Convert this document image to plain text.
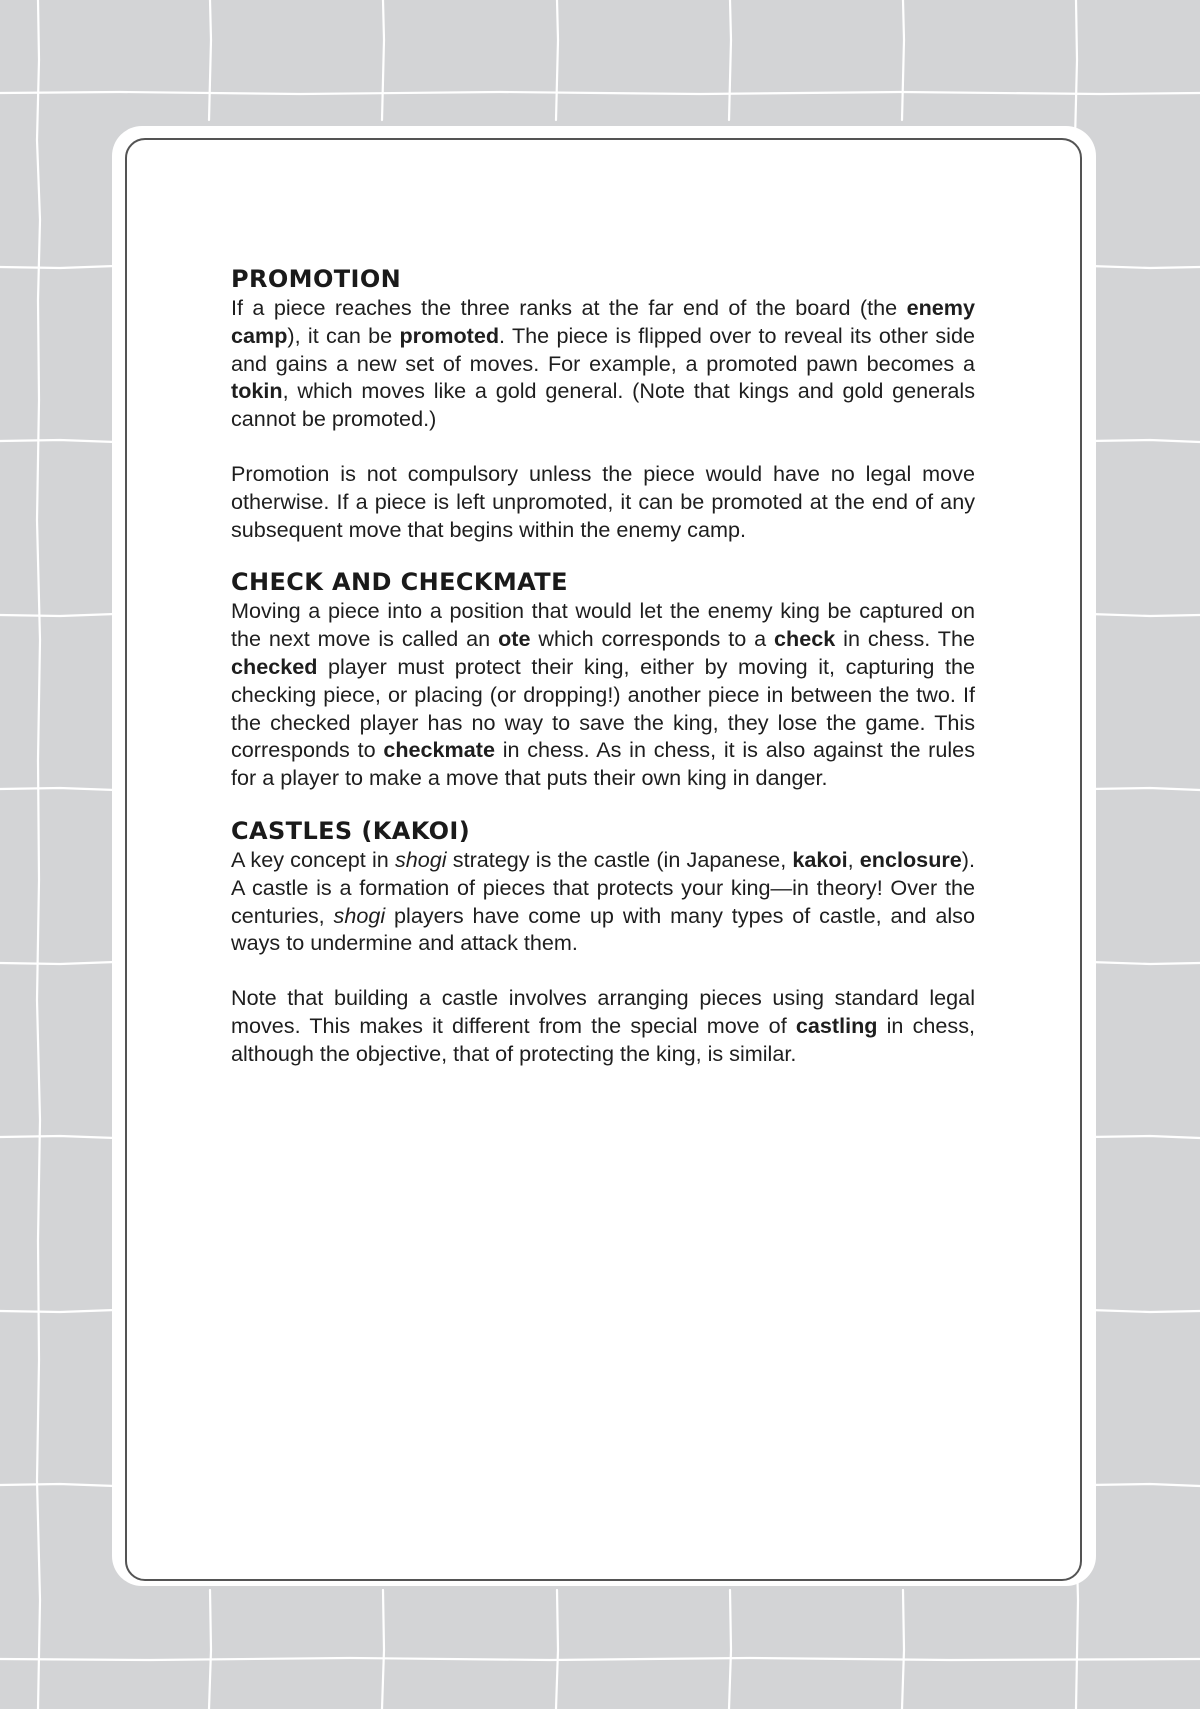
PROMOTION

If a piece reaches the three ranks at the far end of the board (the enemy camp), it can be promoted. The piece is flipped over to reveal its other side and gains a new set of moves. For example, a promoted pawn becomes a tokin, which moves like a gold general. (Note that kings and gold generals cannot be promoted.)

Promotion is not compulsory unless the piece would have no legal move otherwise. If a piece is left unpromoted, it can be promoted at the end of any subsequent move that begins within the enemy camp.

CHECK AND CHECKMATE

Moving a piece into a position that would let the enemy king be captured on the next move is called an ote which corresponds to a check in chess. The checked player must protect their king, either by moving it, capturing the checking piece, or placing (or dropping!) another piece in between the two. If the checked player has no way to save the king, they lose the game. This corresponds to checkmate in chess. As in chess, it is also against the rules for a player to make a move that puts their own king in danger.

CASTLES (KAKOI)

A key concept in shogi strategy is the castle (in Japanese, kakoi, enclosure). A castle is a formation of pieces that protects your king—in theory! Over the centuries, shogi players have come up with many types of castle, and also ways to undermine and attack them.

Note that building a castle involves arranging pieces using standard legal moves. This makes it different from the special move of castling in chess, although the objective, that of protecting the king, is similar.
